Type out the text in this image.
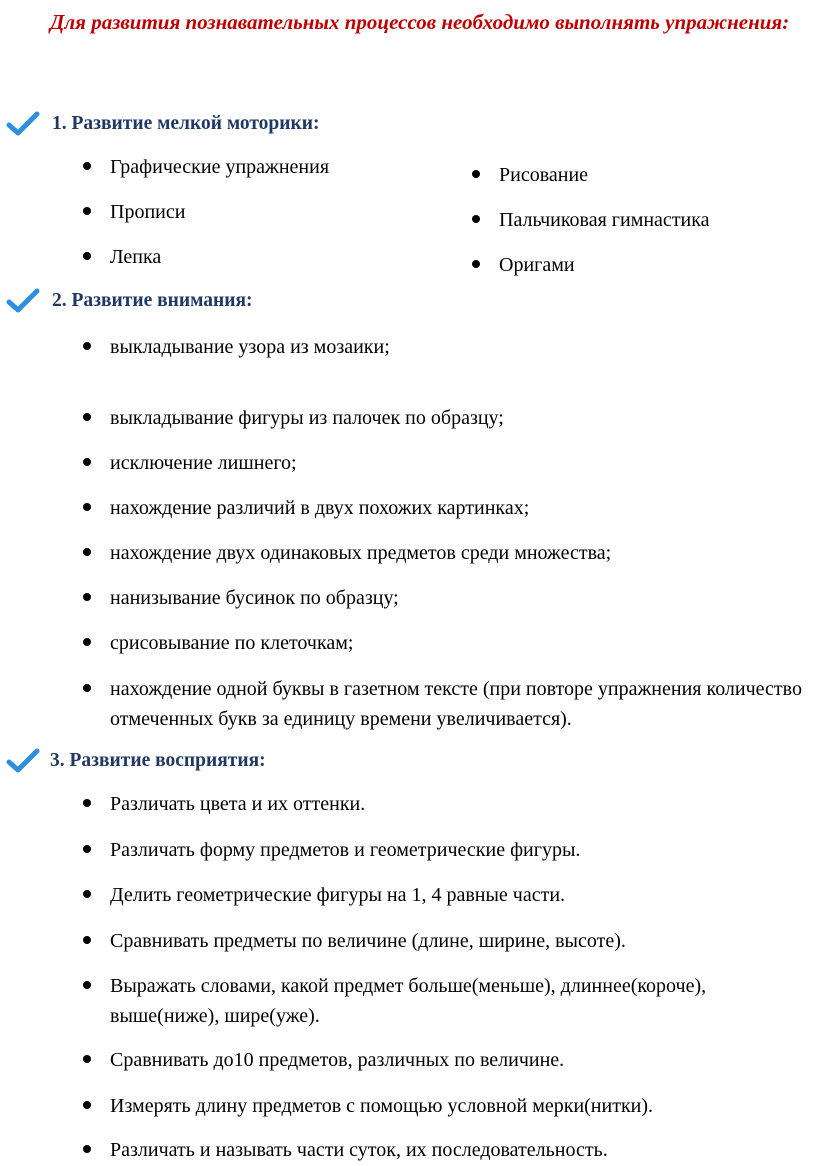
Для развития познавательных процессов необходимо выполнять упражнения:

1. Развитие мелкой моторики:
Графические упражнения
Прописи
Лепка
Рисование
Пальчиковая гимнастика
Оригами
2. Развитие внимания:
выкладывание узора из мозаики;
выкладывание фигуры из палочек по образцу;
исключение лишнего;
нахождение различий в двух похожих картинках;
нахождение двух одинаковых предметов среди множества;
нанизывание бусинок по образцу;
срисовывание по клеточкам;
нахождение одной буквы в газетном тексте (при повторе упражнения количество отмеченных букв за единицу времени увеличивается).
3. Развитие восприятия:
Различать цвета и их оттенки.
Различать форму предметов и геометрические фигуры.
Делить геометрические фигуры на 1, 4 равные части.
Сравнивать предметы по величине (длине, ширине, высоте).
Выражать словами, какой предмет больше(меньше), длиннее(короче), выше(ниже), шире(уже).
Сравнивать до10 предметов, различных по величине.
Измерять длину предметов с помощью условной мерки(нитки).
Различать и называть части суток, их последовательность.
